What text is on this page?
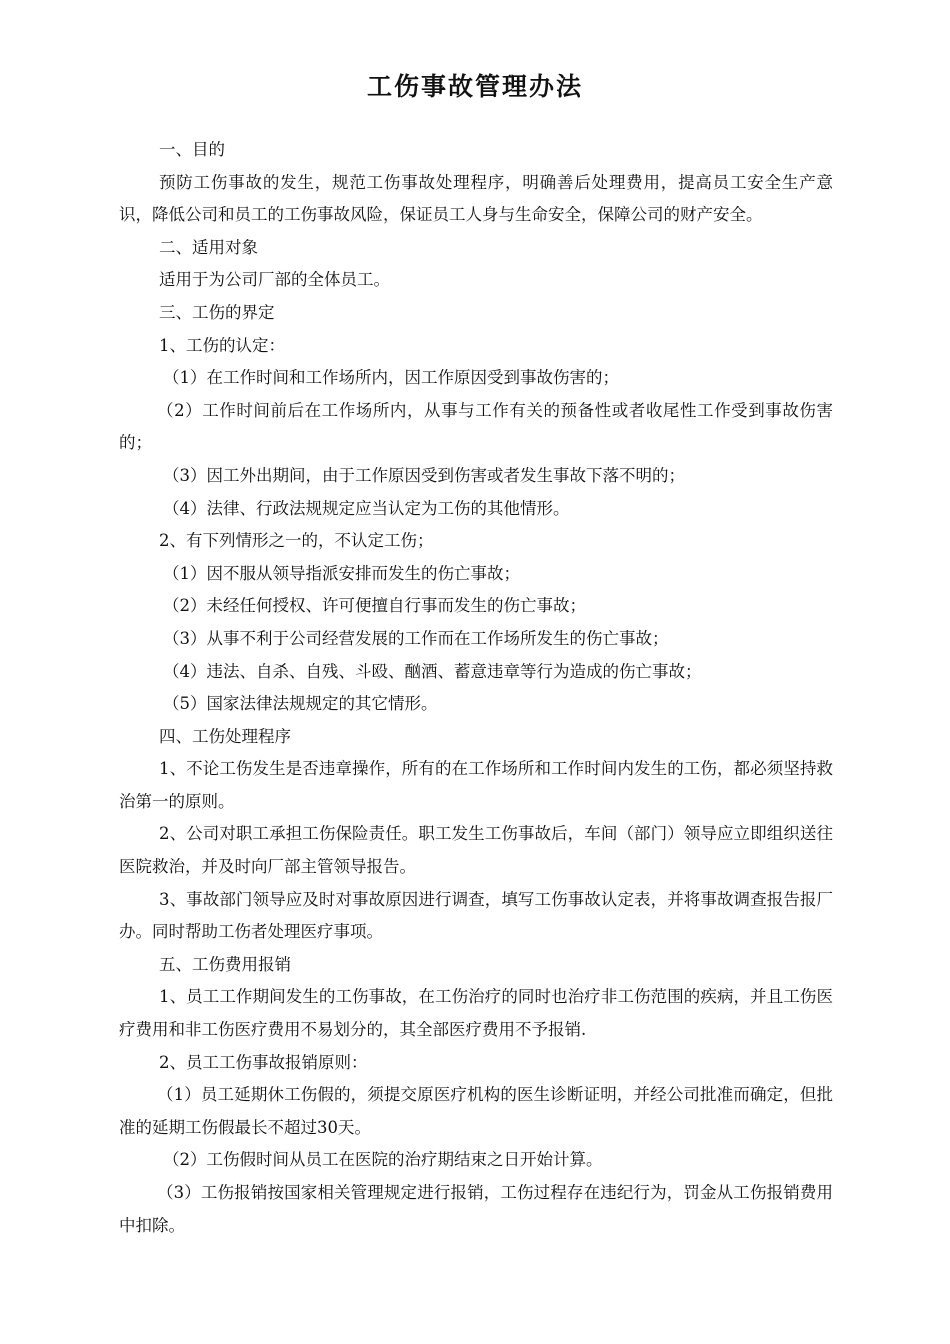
工伤事故管理办法

一、目的

预防工伤事故的发生，规范工伤事故处理程序，明确善后处理费用，提高员工安全生产意识，降低公司和员工的工伤事故风险，保证员工人身与生命安全，保障公司的财产安全。

二、适用对象

适用于为公司厂部的全体员工。

三、工伤的界定

1、工伤的认定：

（1）在工作时间和工作场所内，因工作原因受到事故伤害的；

（2）工作时间前后在工作场所内，从事与工作有关的预备性或者收尾性工作受到事故伤害的；

（3）因工外出期间，由于工作原因受到伤害或者发生事故下落不明的；

（4）法律、行政法规规定应当认定为工伤的其他情形。

2、有下列情形之一的，不认定工伤；

（1）因不服从领导指派安排而发生的伤亡事故；

（2）未经任何授权、许可便擅自行事而发生的伤亡事故；

（3）从事不利于公司经营发展的工作而在工作场所发生的伤亡事故；

（4）违法、自杀、自残、斗殴、酗酒、蓄意违章等行为造成的伤亡事故；

（5）国家法律法规规定的其它情形。

四、工伤处理程序

1、不论工伤发生是否违章操作，所有的在工作场所和工作时间内发生的工伤，都必须坚持救治第一的原则。

2、公司对职工承担工伤保险责任。职工发生工伤事故后，车间（部门）领导应立即组织送往医院救治，并及时向厂部主管领导报告。

3、事故部门领导应及时对事故原因进行调查，填写工伤事故认定表，并将事故调查报告报厂办。同时帮助工伤者处理医疗事项。

五、工伤费用报销

1、员工工作期间发生的工伤事故，在工伤治疗的同时也治疗非工伤范围的疾病，并且工伤医疗费用和非工伤医疗费用不易划分的，其全部医疗费用不予报销.

2、员工工伤事故报销原则：

（1）员工延期休工伤假的，须提交原医疗机构的医生诊断证明，并经公司批准而确定，但批准的延期工伤假最长不超过30天。

（2）工伤假时间从员工在医院的治疗期结束之日开始计算。

（3）工伤报销按国家相关管理规定进行报销，工伤过程存在违纪行为，罚金从工伤报销费用中扣除。
